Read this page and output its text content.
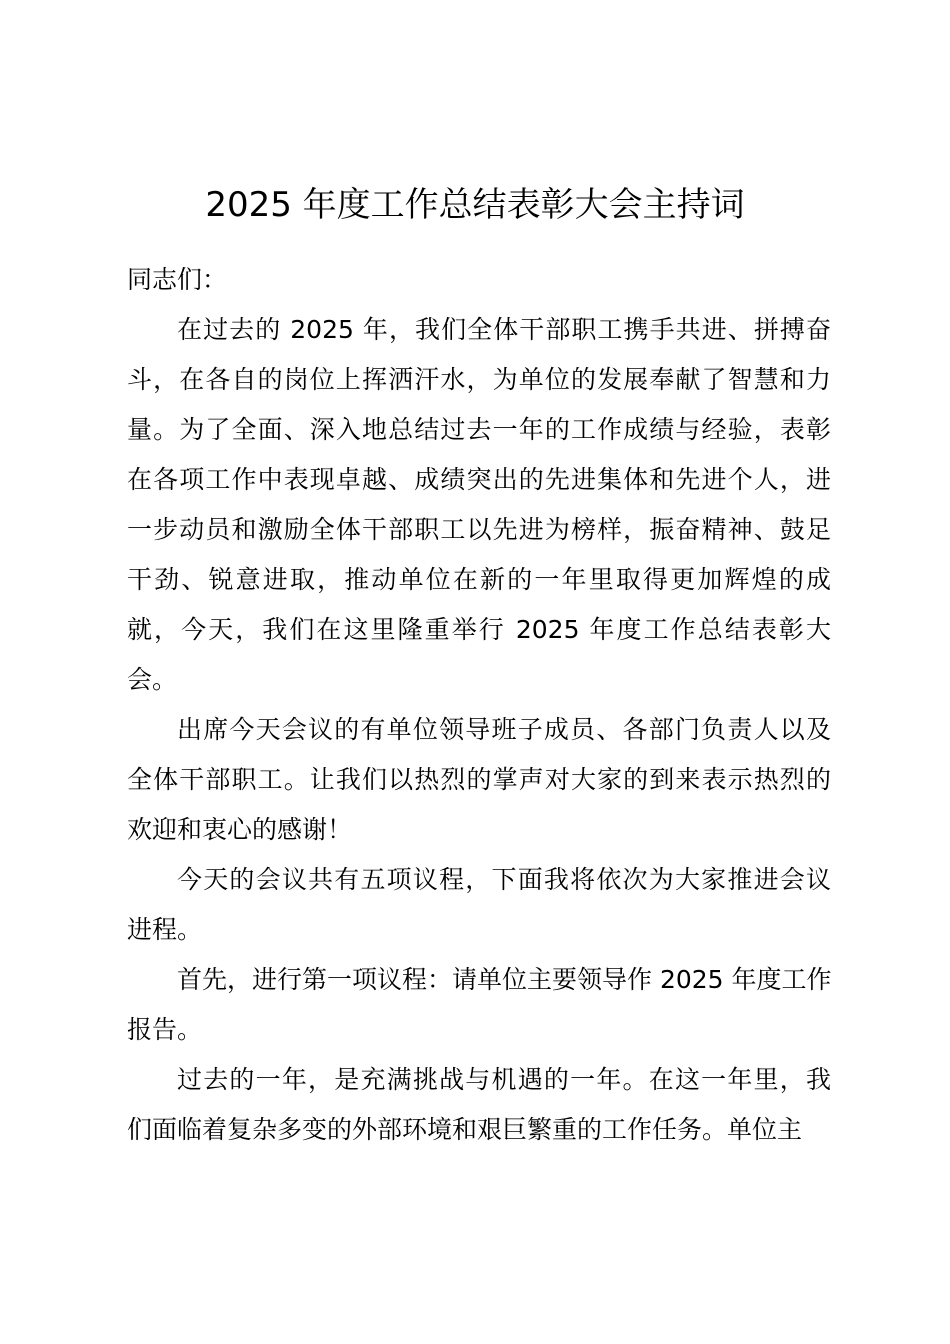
2025 年度工作总结表彰大会主持词
同志们：
在过去的 2025 年，我们全体干部职工携手共进、拼搏奋
斗，在各自的岗位上挥洒汗水，为单位的发展奉献了智慧和力
量。为了全面、深入地总结过去一年的工作成绩与经验，表彰
在各项工作中表现卓越、成绩突出的先进集体和先进个人，进
一步动员和激励全体干部职工以先进为榜样，振奋精神、鼓足
干劲、锐意进取，推动单位在新的一年里取得更加辉煌的成
就，今天，我们在这里隆重举行 2025 年度工作总结表彰大
会。
出席今天会议的有单位领导班子成员、各部门负责人以及
全体干部职工。让我们以热烈的掌声对大家的到来表示热烈的
欢迎和衷心的感谢！
今天的会议共有五项议程，下面我将依次为大家推进会议
进程。
首先，进行第一项议程：请单位主要领导作 2025 年度工作
报告。
过去的一年，是充满挑战与机遇的一年。在这一年里，我
们面临着复杂多变的外部环境和艰巨繁重的工作任务。单位主
